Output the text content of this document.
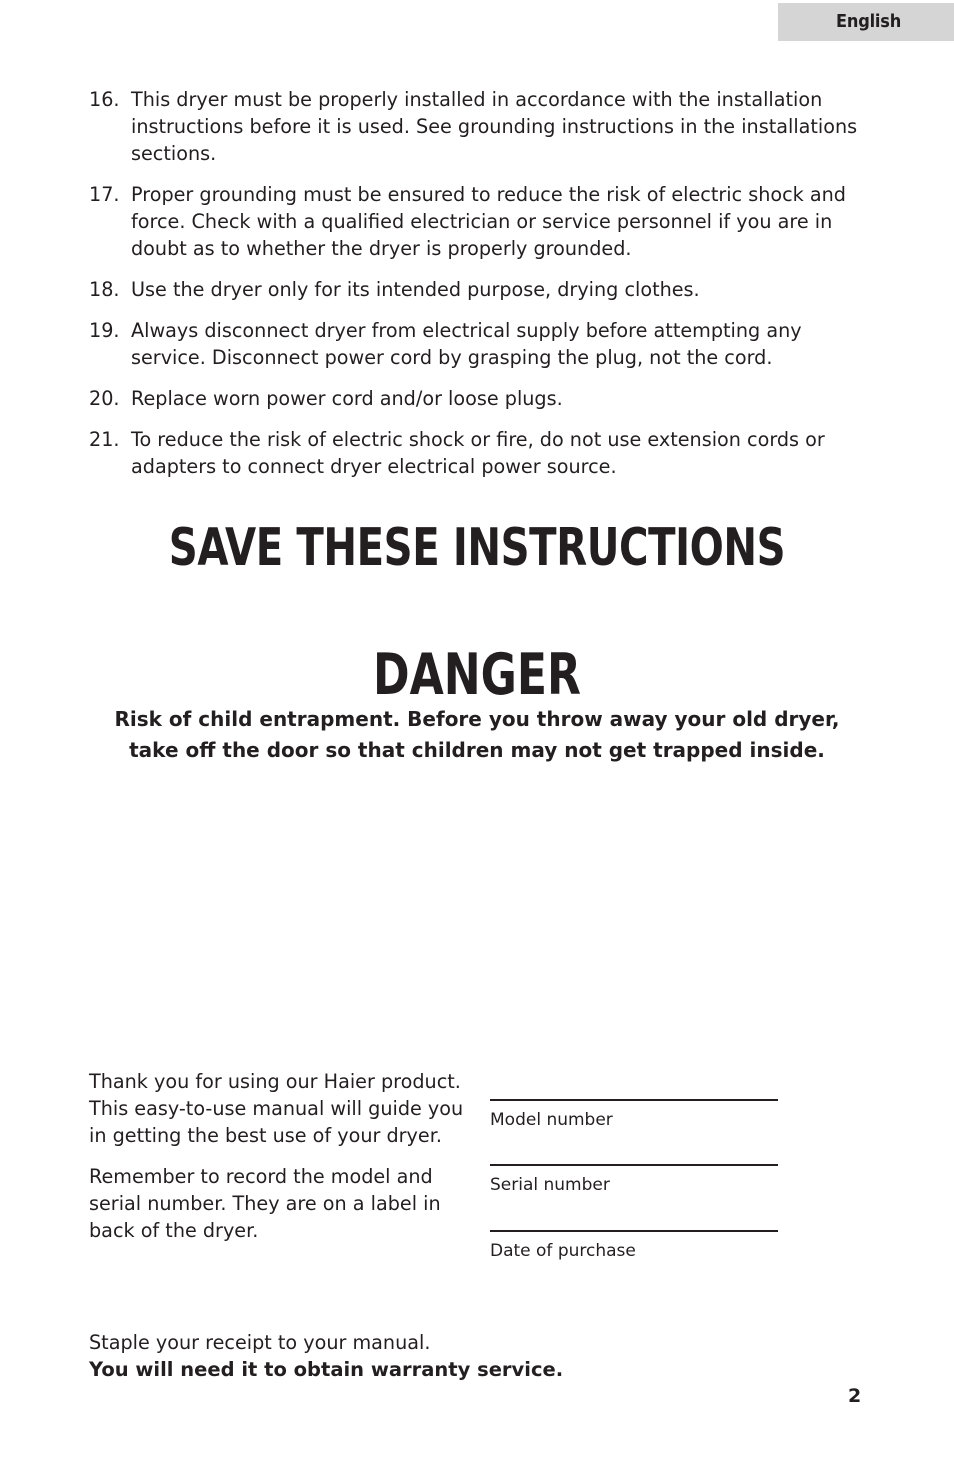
English
16. This dryer must be properly installed in accordance with the installation instructions before it is used. See grounding instructions in the installations sections.
17. Proper grounding must be ensured to reduce the risk of electric shock and force. Check with a qualified electrician or service personnel if you are in doubt as to whether the dryer is properly grounded.
18. Use the dryer only for its intended purpose, drying clothes.
19. Always disconnect dryer from electrical supply before attempting any service. Disconnect power cord by grasping the plug, not the cord.
20. Replace worn power cord and/or loose plugs.
21. To reduce the risk of electric shock or fire, do not use extension cords or adapters to connect dryer electrical power source.
SAVE THESE INSTRUCTIONS
DANGER
Risk of child entrapment. Before you throw away your old dryer, take off the door so that children may not get trapped inside.

Thank you for using our Haier product. This easy-to-use manual will guide you in getting the best use of your dryer.

Remember to record the model and serial number. They are on a label in back of the dryer.

Model number
Serial number
Date of purchase
Staple your receipt to your manual.
You will need it to obtain warranty service.
2
